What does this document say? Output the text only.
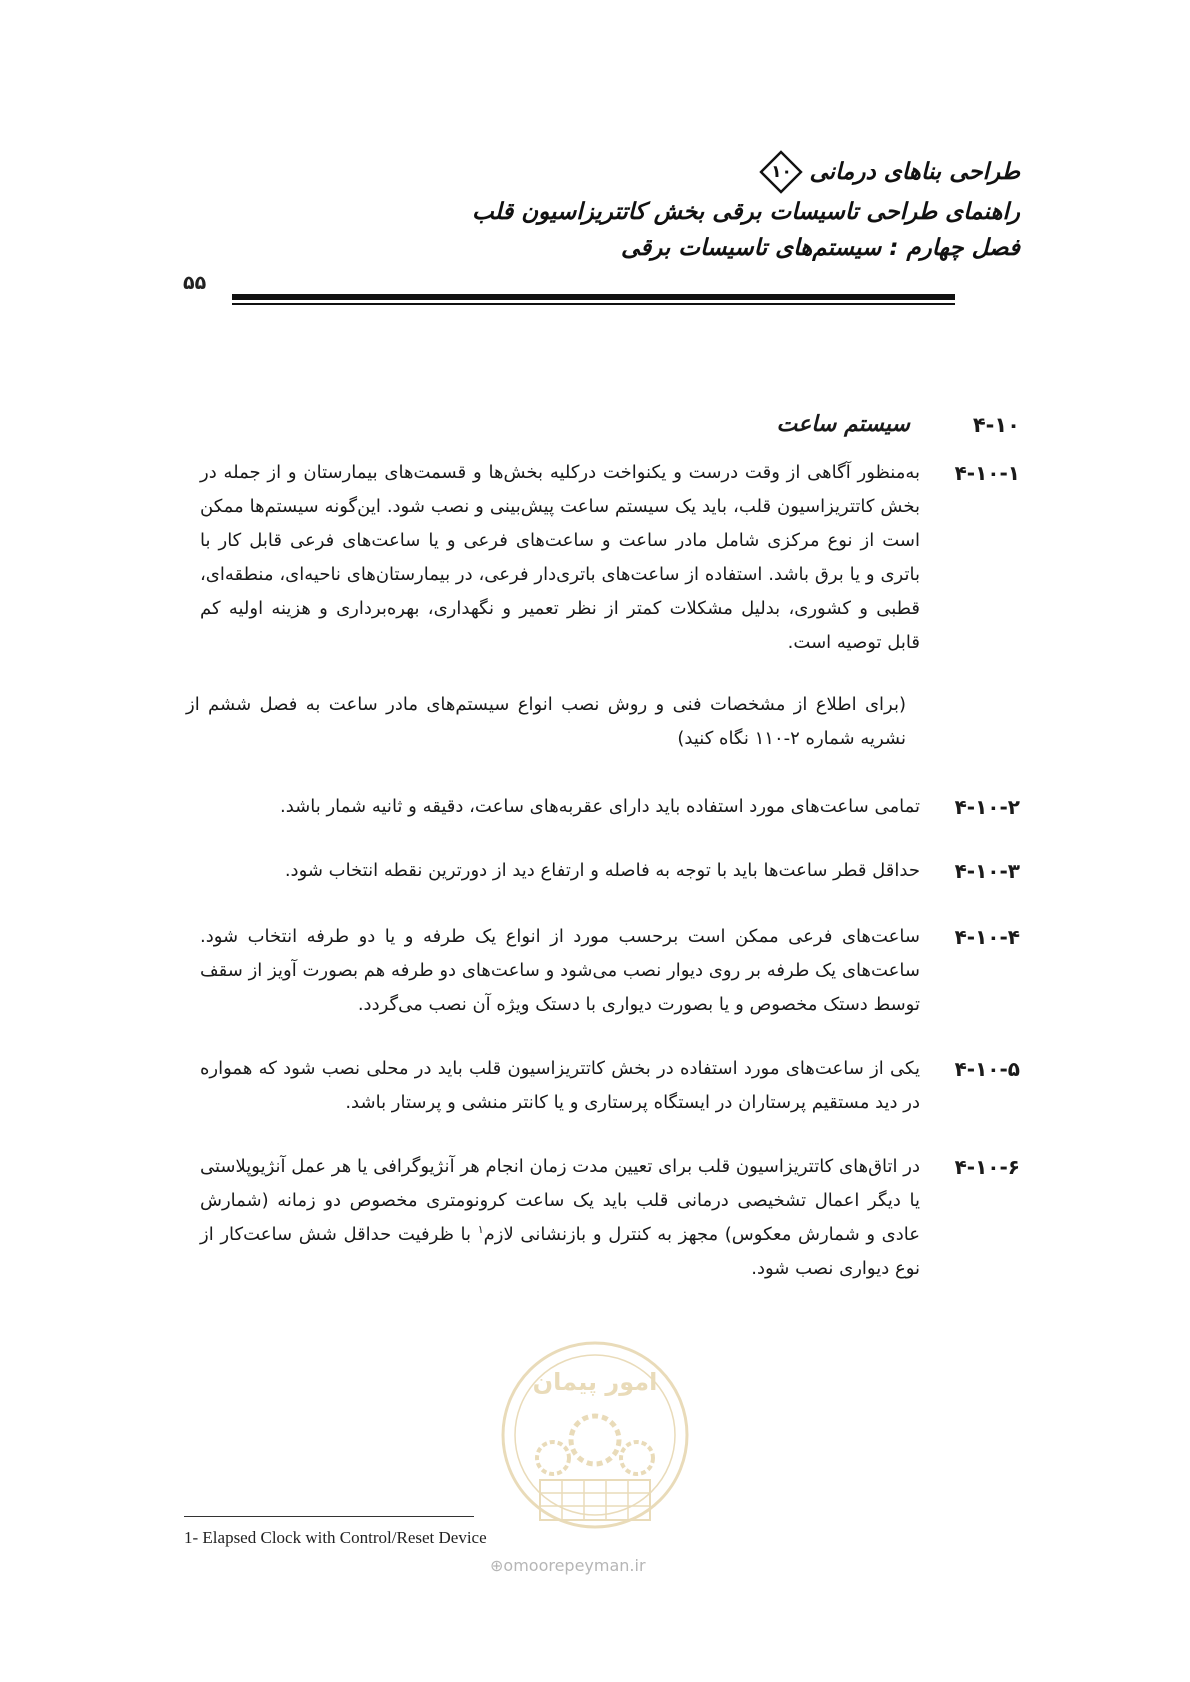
طراحی بناهای درمانی
۱۰
راهنمای طراحی تاسیسات برقی بخش کاتتریزاسیون قلب
فصل چهارم : سیستم‌های تاسیسات برقی
۵۵
۴-۱۰
سیستم ساعت
۴-۱۰-۱
به‌منظور آگاهی از وقت درست و یکنواخت درکلیه بخش‌ها و قسمت‌های بیمارستان و از جمله در بخش کاتتریزاسیون قلب، باید یک سیستم ساعت پیش‌بینی و نصب شود. این‌گونه سیستم‌ها ممکن است از نوع مرکزی شامل مادر ساعت و ساعت‌های فرعی و یا ساعت‌های فرعی قابل کار با باتری و یا برق باشد. استفاده از ساعت‌های باتری‌دار فرعی، در بیمارستان‌های ناحیه‌ای، منطقه‌ای، قطبی و کشوری، بدلیل مشکلات کمتر از نظر تعمیر و نگهداری، بهره‌برداری و هزینه اولیه کم قابل توصیه است.
(برای اطلاع از مشخصات فنی و روش نصب انواع سیستم‌های مادر ساعت به فصل ششم از نشریه شماره ۲-۱۱۰ نگاه کنید)
۴-۱۰-۲
تمامی ساعت‌های مورد استفاده باید دارای عقربه‌های ساعت، دقیقه و ثانیه شمار باشد.
۴-۱۰-۳
حداقل قطر ساعت‌ها باید با توجه به فاصله و ارتفاع دید از دورترین نقطه انتخاب شود.
۴-۱۰-۴
ساعت‌های فرعی ممکن است برحسب مورد از انواع یک طرفه و یا دو طرفه انتخاب شود. ساعت‌های یک طرفه بر روی دیوار نصب می‌شود و ساعت‌های دو طرفه هم بصورت آویز از سقف توسط دستک مخصوص و یا بصورت دیواری با دستک ویژه آن نصب می‌گردد.
۴-۱۰-۵
یکی از ساعت‌های مورد استفاده در بخش کاتتریزاسیون قلب باید در محلی نصب شود که همواره در دید مستقیم پرستاران در ایستگاه پرستاری و یا کانتر منشی و پرستار باشد.
۴-۱۰-۶
در اتاق‌های کاتتریزاسیون قلب برای تعیین مدت زمان انجام هر آنژیوگرافی یا هر عمل آنژیوپلاستی یا دیگر اعمال تشخیصی درمانی قلب باید یک ساعت کرونومتری مخصوص دو زمانه (شمارش عادی و شمارش معکوس) مجهز به کنترل و بازنشانی لازم$^۱$ با ظرفیت حداقل شش ساعت‌کار از نوع دیواری نصب شود.
امور پیمان
1- Elapsed Clock with Control/Reset Device
⊕omoorepeyman.ir
